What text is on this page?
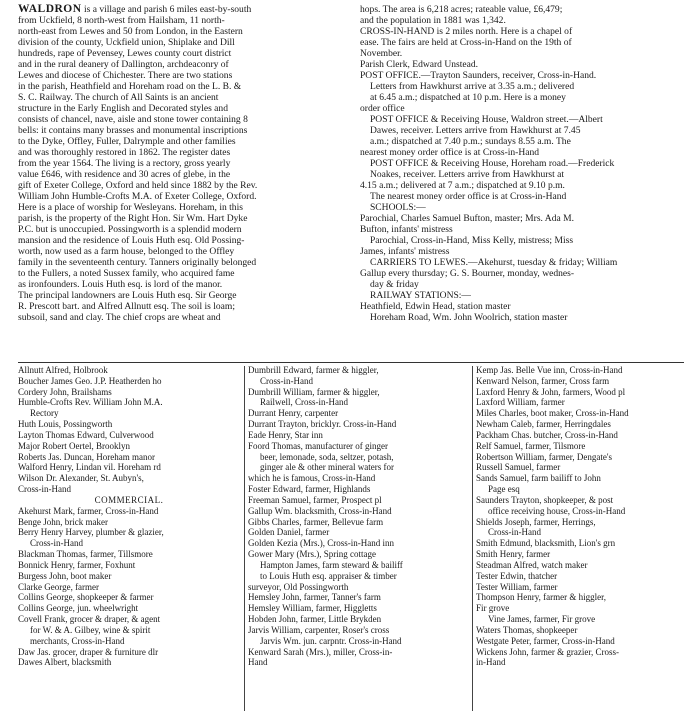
WALDRON is a village and parish 6 miles east-by-south
from Uckfield, 8 north-west from Hailsham, 11 north-
north-east from Lewes and 50 from London, in the Eastern
division of the county, Uckfield union, Shiplake and Dill
hundreds, rape of Pevensey, Lewes county court district
and in the rural deanery of Dallington, archdeaconry of
Lewes and diocese of Chichester. There are two stations
in the parish, Heathfield and Horeham road on the L. B. &
S. C. Railway. The church of All Saints is an ancient
structure in the Early English and Decorated styles and
consists of chancel, nave, aisle and stone tower containing 8
bells: it contains many brasses and monumental inscriptions
to the Dyke, Offley, Fuller, Dalrymple and other families
and was thoroughly restored in 1862. The register dates
from the year 1564. The living is a rectory, gross yearly
value £646, with residence and 30 acres of glebe, in the
gift of Exeter College, Oxford and held since 1882 by the Rev.
William John Humble-Crofts M.A. of Exeter College, Oxford.
Here is a place of worship for Wesleyans. Horeham, in this
parish, is the property of the Right Hon. Sir Wm. Hart Dyke
P.C. but is unoccupied. Possingworth is a splendid modern
mansion and the residence of Louis Huth esq. Old Possing-
worth, now used as a farm house, belonged to the Offley
family in the seventeenth century. Tanners originally belonged
to the Fullers, a noted Sussex family, who acquired fame
as ironfounders. Louis Huth esq. is lord of the manor.
The principal landowners are Louis Huth esq. Sir George
R. Prescott bart. and Alfred Allnutt esq. The soil is loam;
subsoil, sand and clay. The chief crops are wheat and
hops. The area is 6,218 acres; rateable value, £6,479;
and the population in 1881 was 1,342.
CROSS-IN-HAND is 2 miles north. Here is a chapel of
ease. The fairs are held at Cross-in-Hand on the 19th of
November.
Parish Clerk, Edward Unstead.
POST OFFICE.—Trayton Saunders, receiver, Cross-in-Hand.
Letters from Hawkhurst arrive at 3.35 a.m.; delivered
at 6.45 a.m.; dispatched at 10 p.m. Here is a money
order office
POST OFFICE & Receiving House, Waldron street.—Albert
Dawes, receiver. Letters arrive from Hawkhurst at 7.45
a.m.; dispatched at 7.40 p.m.; sundays 8.55 a.m. The
nearest money order office is at Cross-in-Hand
POST OFFICE & Receiving House, Horeham road.—Frederick
Noakes, receiver. Letters arrive from Hawkhurst at
4.15 a.m.; delivered at 7 a.m.; dispatched at 9.10 p.m.
The nearest money order office is at Cross-in-Hand
SCHOOLS:—
Parochial, Charles Samuel Bufton, master; Mrs. Ada M.
Bufton, infants' mistress
Parochial, Cross-in-Hand, Miss Kelly, mistress; Miss
James, infants' mistress
CARRIERS TO LEWES.—Akehurst, tuesday & friday; William
Gallup every thursday; G. S. Bourner, monday, wednes-
day & friday
RAILWAY STATIONS:—
Heathfield, Edwin Head, station master
Horeham Road, Wm. John Woolrich, station master
Allnutt Alfred, Holbrook
Boucher James Geo. J.P. Heatherden ho
Cordery John, Brailshams
Humble-Crofts Rev. William John M.A.
Rectory
Huth Louis, Possingworth
Layton Thomas Edward, Culverwood
Major Robert Oertel, Brooklyn
Roberts Jas. Duncan, Horeham manor
Walford Henry, Lindan vil. Horeham rd
Wilson Dr. Alexander, St. Aubyn's,
Cross-in-Hand
COMMERCIAL.
Akehurst Mark, farmer, Cross-in-Hand
Benge John, brick maker
Berry Henry Harvey, plumber & glazier,
Cross-in-Hand
Blackman Thomas, farmer, Tillsmore
Bonnick Henry, farmer, Foxhunt
Burgess John, boot maker
Clarke George, farmer
Collins George, shopkeeper & farmer
Collins George, jun. wheelwright
Covell Frank, grocer & draper, & agent
for W. & A. Gilbey, wine & spirit
merchants, Cross-in-Hand
Daw Jas. grocer, draper & furniture dlr
Dawes Albert, blacksmith
Dumbrill Edward, farmer & higgler,
Cross-in-Hand
Dumbrill William, farmer & higgler,
Railwell, Cross-in-Hand
Durrant Henry, carpenter
Durrant Trayton, bricklyr. Cross-in-Hand
Eade Henry, Star inn
Foord Thomas, manufacturer of ginger
beer, lemonade, soda, seltzer, potash,
ginger ale & other mineral waters for
which he is famous, Cross-in-Hand
Foster Edward, farmer, Highlands
Freeman Samuel, farmer, Prospect pl
Gallup Wm. blacksmith, Cross-in-Hand
Gibbs Charles, farmer, Bellevue farm
Golden Daniel, farmer
Golden Kezia (Mrs.), Cross-in-Hand inn
Gower Mary (Mrs.), Spring cottage
Hampton James, farm steward & bailiff
to Louis Huth esq. appraiser & timber
surveyor, Old Possingworth
Hemsley John, farmer, Tanner's farm
Hemsley William, farmer, Higgletts
Hobden John, farmer, Little Brykden
Jarvis William, carpenter, Roser's cross
Jarvis Wm. jun. carpntr. Cross-in-Hand
Kenward Sarah (Mrs.), miller, Cross-in-
Hand
Kemp Jas. Belle Vue inn, Cross-in-Hand
Kenward Nelson, farmer, Cross farm
Laxford Henry & John, farmers, Wood pl
Laxford William, farmer
Miles Charles, boot maker, Cross-in-Hand
Newham Caleb, farmer, Herringdales
Packham Chas. butcher, Cross-in-Hand
Relf Samuel, farmer, Tilsmore
Robertson William, farmer, Dengate's
Russell Samuel, farmer
Sands Samuel, farm bailiff to John
Page esq
Saunders Trayton, shopkeeper, & post
office receiving house, Cross-in-Hand
Shields Joseph, farmer, Herrings,
Cross-in-Hand
Smith Edmund, blacksmith, Lion's grn
Smith Henry, farmer
Steadman Alfred, watch maker
Tester Edwin, thatcher
Tester William, farmer
Thompson Henry, farmer & higgler,
Fir grove
Vine James, farmer, Fir grove
Waters Thomas, shopkeeper
Westgate Peter, farmer, Cross-in-Hand
Wickens John, farmer & grazier, Cross-
in-Hand
